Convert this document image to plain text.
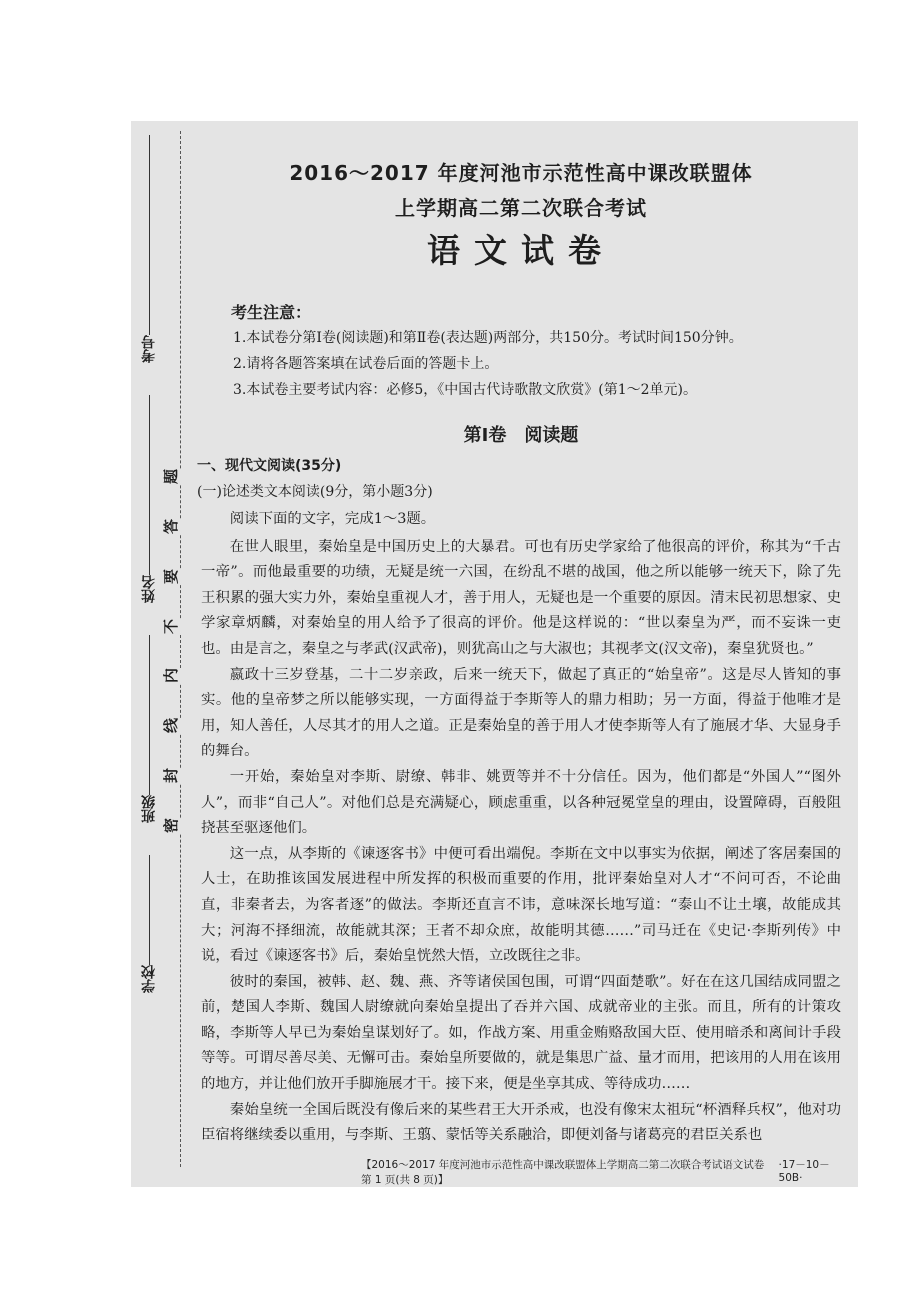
考号
姓名
班级
学校
题
答
要
不
内
线
封
密
2016～2017 年度河池市示范性高中课改联盟体
上学期高二第二次联合考试
语文试卷
考生注意：
1.本试卷分第Ⅰ卷(阅读题)和第Ⅱ卷(表达题)两部分，共150分。考试时间150分钟。
2.请将各题答案填在试卷后面的答题卡上。
3.本试卷主要考试内容：必修5，《中国古代诗歌散文欣赏》(第1～2单元)。
第Ⅰ卷　阅读题
一、现代文阅读(35分)
(一)论述类文本阅读(9分，第小题3分)

阅读下面的文字，完成1～3题。

在世人眼里，秦始皇是中国历史上的大暴君。可也有历史学家给了他很高的评价，称其为“千古一帝”。而他最重要的功绩，无疑是统一六国，在纷乱不堪的战国，他之所以能够一统天下，除了先王积累的强大实力外，秦始皇重视人才，善于用人，无疑也是一个重要的原因。清末民初思想家、史学家章炳麟，对秦始皇的用人给予了很高的评价。他是这样说的：“世以秦皇为严，而不妄诛一吏也。由是言之，秦皇之与孝武(汉武帝)，则犹高山之与大淑也；其视孝文(汉文帝)，秦皇犹贤也。”

嬴政十三岁登基，二十二岁亲政，后来一统天下，做起了真正的“始皇帝”。这是尽人皆知的事实。他的皇帝梦之所以能够实现，一方面得益于李斯等人的鼎力相助；另一方面，得益于他唯才是用，知人善任，人尽其才的用人之道。正是秦始皇的善于用人才使李斯等人有了施展才华、大显身手的舞台。

一开始，秦始皇对李斯、尉缭、韩非、姚贾等并不十分信任。因为，他们都是“外国人”“图外人”，而非“自己人”。对他们总是充满疑心，顾虑重重，以各种冠冕堂皇的理由，设置障碍，百般阻挠甚至驱逐他们。

这一点，从李斯的《谏逐客书》中便可看出端倪。李斯在文中以事实为依据，阐述了客居秦国的人士，在助推该国发展进程中所发挥的积极而重要的作用，批评秦始皇对人才“不问可否，不论曲直，非秦者去，为客者逐”的做法。李斯还直言不讳，意味深长地写道：“泰山不让土壤，故能成其大；河海不择细流，故能就其深；王者不却众庶，故能明其德……”司马迁在《史记·李斯列传》中说，看过《谏逐客书》后，秦始皇恍然大悟，立改既往之非。

彼时的秦国，被韩、赵、魏、燕、齐等诸侯国包围，可谓“四面楚歌”。好在在这几国结成同盟之前，楚国人李斯、魏国人尉缭就向秦始皇提出了吞并六国、成就帝业的主张。而且，所有的计策攻略，李斯等人早已为秦始皇谋划好了。如，作战方案、用重金贿赂敌国大臣、使用暗杀和离间计手段等等。可谓尽善尽美、无懈可击。秦始皇所要做的，就是集思广益、量才而用，把该用的人用在该用的地方，并让他们放开手脚施展才干。接下来，便是坐享其成、等待成功……

秦始皇统一全国后既没有像后来的某些君王大开杀戒，也没有像宋太祖玩“杯酒释兵权”，他对功臣宿将继续委以重用，与李斯、王翦、蒙恬等关系融洽，即便刘备与诸葛亮的君臣关系也

【2016～2017 年度河池市示范性高中课改联盟体上学期高二第二次联合考试语文试卷　第 1 页(共 8 页)】
·17－10－50B·
